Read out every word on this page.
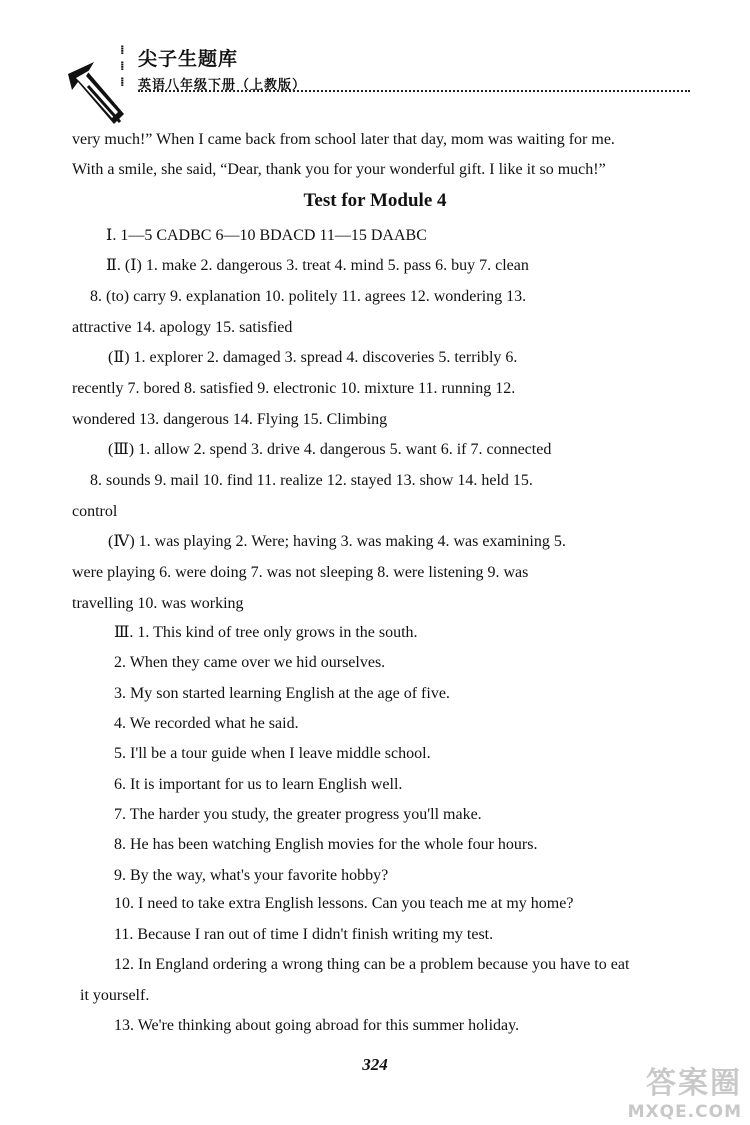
⁞
⁞
⁞
尖子生题库
英语八年级下册（上教版）
very much!” When I came back from school later that day, mom was waiting for me.
With a smile, she said, “Dear, thank you for your wonderful gift. I like it so much!”
Test for Module 4
Ⅰ. 1—5 CADBC 6—10 BDACD 11—15 DAABC
Ⅱ. (Ⅰ) 1. make 2. dangerous 3. treat 4. mind 5. pass 6. buy 7. clean
8. (to) carry 9. explanation 10. politely 11. agrees 12. wondering 13.
attractive 14. apology 15. satisfied
(Ⅱ) 1. explorer 2. damaged 3. spread 4. discoveries 5. terribly 6.
recently 7. bored 8. satisfied 9. electronic 10. mixture 11. running 12.
wondered 13. dangerous 14. Flying 15. Climbing
(Ⅲ) 1. allow 2. spend 3. drive 4. dangerous 5. want 6. if 7. connected
8. sounds 9. mail 10. find 11. realize 12. stayed 13. show 14. held 15.
control
(Ⅳ) 1. was playing 2. Were; having 3. was making 4. was examining 5.
were playing 6. were doing 7. was not sleeping 8. were listening 9. was
travelling 10. was working
Ⅲ. 1. This kind of tree only grows in the south.
2. When they came over we hid ourselves.
3. My son started learning English at the age of five.
4. We recorded what he said.
5. I'll be a tour guide when I leave middle school.
6. It is important for us to learn English well.
7. The harder you study, the greater progress you'll make.
8. He has been watching English movies for the whole four hours.
9. By the way, what's your favorite hobby?
10. I need to take extra English lessons. Can you teach me at my home?
11. Because I ran out of time I didn't finish writing my test.
12. In England ordering a wrong thing can be a problem because you have to eat
it yourself.
13. We're thinking about going abroad for this summer holiday.
324
答案圈
MXQE.COM
